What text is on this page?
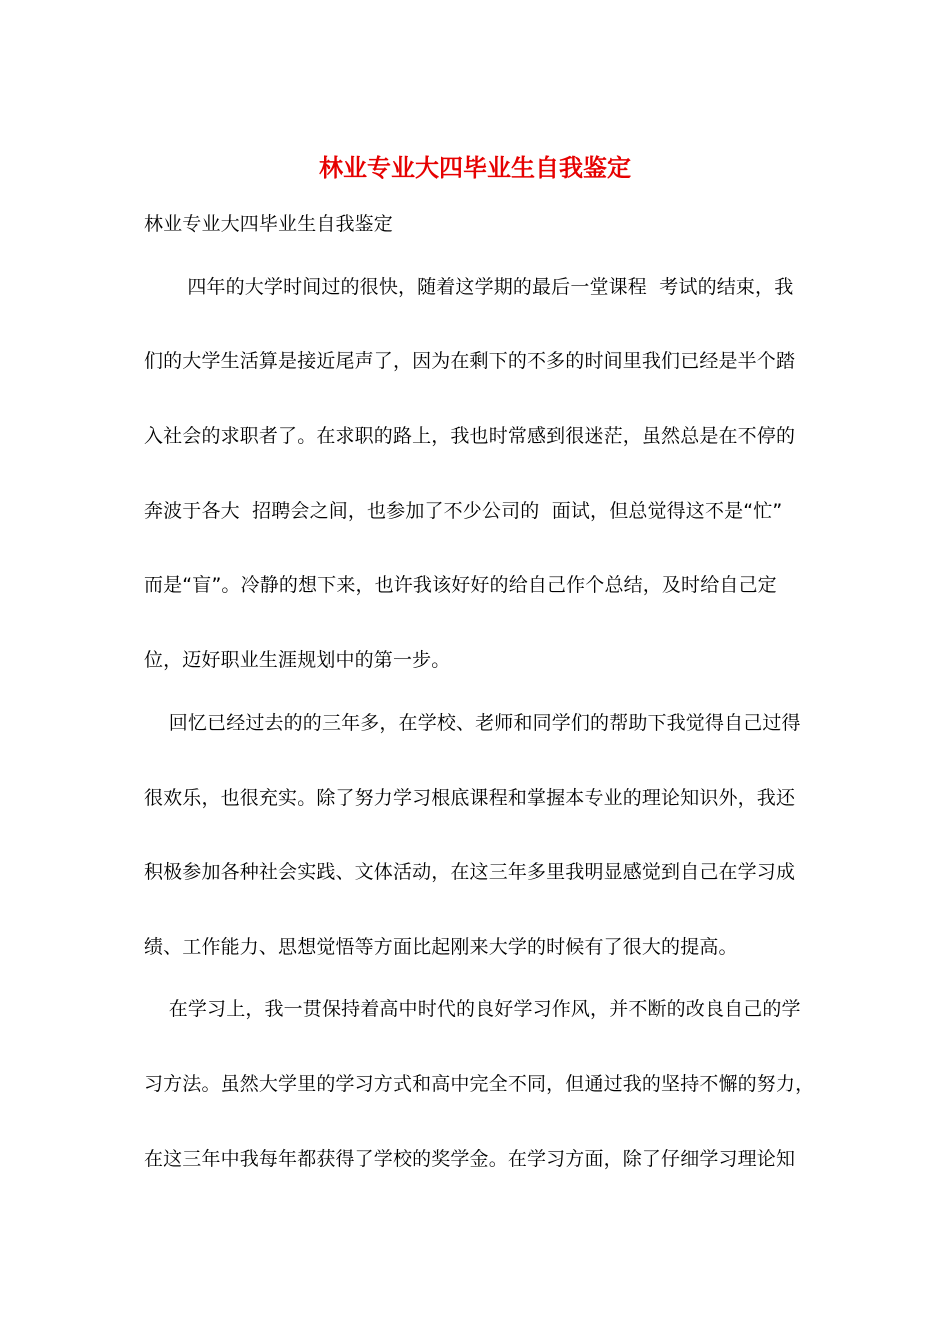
林业专业大四毕业生自我鉴定
林业专业大四毕业生自我鉴定
四年的大学时间过的很快，随着这学期的最后一堂课程  考试的结束，我
们的大学生活算是接近尾声了，因为在剩下的不多的时间里我们已经是半个踏
入社会的求职者了。在求职的路上，我也时常感到很迷茫，虽然总是在不停的
奔波于各大  招聘会之间，也参加了不少公司的  面试，但总觉得这不是“忙”
而是“盲”。冷静的想下来，也许我该好好的给自己作个总结，及时给自己定
位，迈好职业生涯规划中的第一步。
回忆已经过去的的三年多，在学校、老师和同学们的帮助下我觉得自己过得
很欢乐，也很充实。除了努力学习根底课程和掌握本专业的理论知识外，我还
积极参加各种社会实践、文体活动，在这三年多里我明显感觉到自己在学习成
绩、工作能力、思想觉悟等方面比起刚来大学的时候有了很大的提高。
在学习上，我一贯保持着高中时代的良好学习作风，并不断的改良自己的学
习方法。虽然大学里的学习方式和高中完全不同，但通过我的坚持不懈的努力，
在这三年中我每年都获得了学校的奖学金。在学习方面，除了仔细学习理论知
